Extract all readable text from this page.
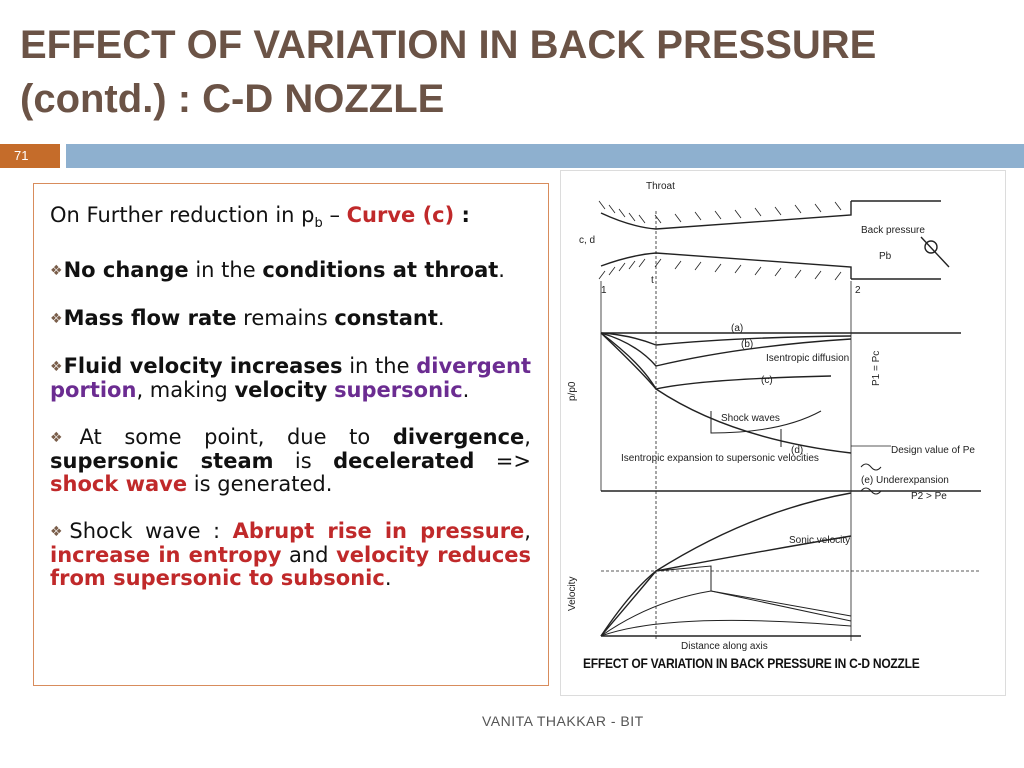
EFFECT OF VARIATION IN BACK PRESSURE (contd.) : C-D NOZZLE
71

On Further reduction in $p_b$ – Curve (c) :

❖No change in the conditions at throat.

❖Mass flow rate remains constant.

❖Fluid velocity increases in the divergent portion, making velocity supersonic.

❖At some point, due to divergence, supersonic steam is decelerated => shock wave is generated.

❖Shock wave : Abrupt rise in pressure, increase in entropy and velocity reduces from supersonic to subsonic.

Throat
Back pressure
Pb
c, d
t
1	2
(a)
(b)
(c)
(d)
Isentropic diffusion
Shock waves
Isentropic expansion to supersonic velocities
Design value of Pe
(e) Underexpansion
P2 > Pe
P1 = Pc
p/p0
Velocity
Sonic velocity
Distance along axis
EFFECT OF VARIATION IN BACK PRESSURE IN C-D NOZZLE
VANITA THAKKAR - BIT
